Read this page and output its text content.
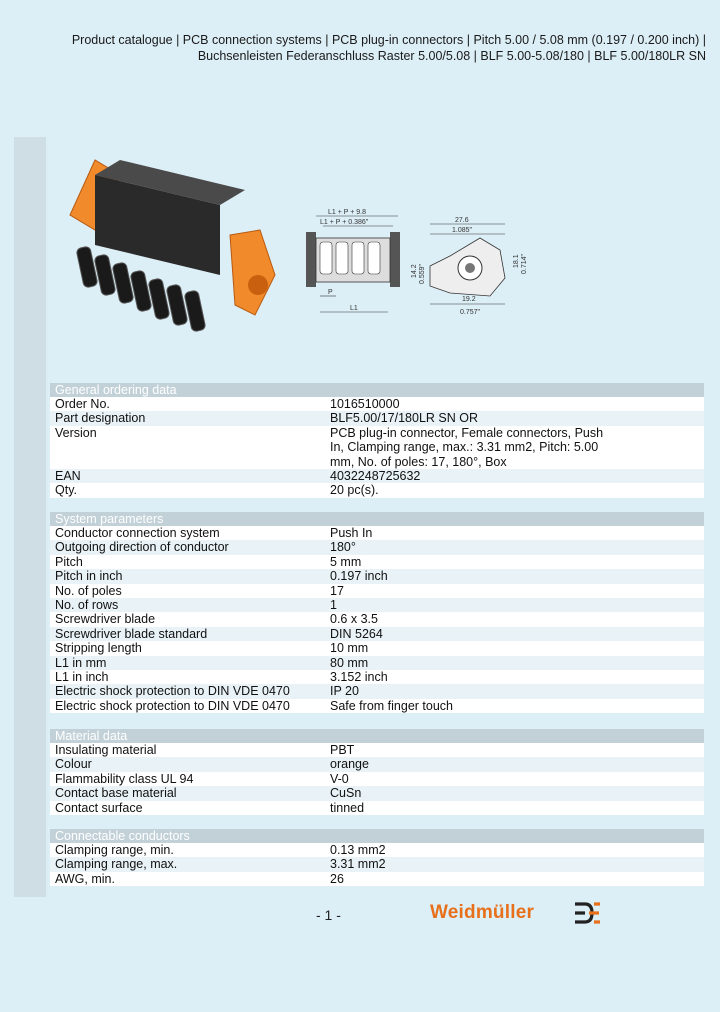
Product catalogue | PCB connection systems | PCB plug-in connectors | Pitch 5.00 / 5.08 mm (0.197 / 0.200 inch) |
Buchsenleisten Federanschluss Raster 5.00/5.08 | BLF 5.00-5.08/180 | BLF 5.00/180LR SN
L1 + P + 9.8
L1 + P + 0.386"
P
L1
27.6
1.085"
14.2 0.559"
18.1 0.714"
19.2
0.757"
General ordering data
Order No.	1016510000
Part designation	BLF5.00/17/180LR SN OR
Version	PCB plug-in connector, Female connectors, Push
In, Clamping range, max.: 3.31 mm2, Pitch: 5.00
mm, No. of poles: 17, 180°, Box
EAN	4032248725632
Qty.	20 pc(s).
System parameters
Conductor connection system	Push In
Outgoing direction of conductor	180°
Pitch	5 mm
Pitch in inch	0.197 inch
No. of poles	17
No. of rows	1
Screwdriver blade	0.6 x 3.5
Screwdriver blade standard	DIN 5264
Stripping length	10 mm
L1 in mm	80 mm
L1 in inch	3.152 inch
Electric shock protection to DIN VDE 0470	IP 20
Electric shock protection to DIN VDE 0470	Safe from finger touch
Material data
Insulating material	PBT
Colour	orange
Flammability class UL 94	V-0
Contact base material	CuSn
Contact surface	tinned
Connectable conductors
Clamping range, min.	0.13 mm2
Clamping range, max.	3.31 mm2
AWG, min.	26
- 1 -	Weidmüller
